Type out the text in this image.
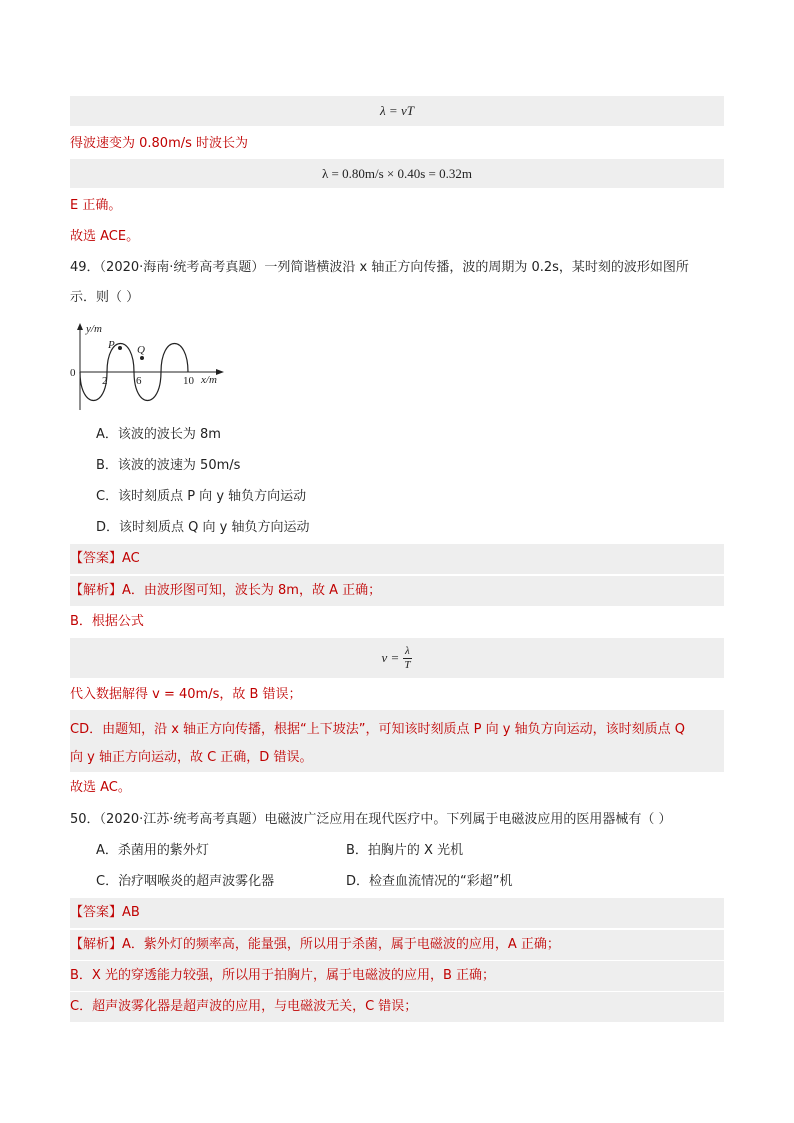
λ = vT
得波速变为 0.80m/s 时波长为
λ = 0.80m/s × 0.40s = 0.32m
E 正确。
故选 ACE。
49．（2020·海南·统考高考真题）一列简谐横波沿 x 轴正方向传播，波的周期为 0.2s，某时刻的波形如图所
示．则（ ）
y/m
0
2	6	10 x/m
P Q
A．该波的波长为 8m
B．该波的波速为 50m/s
C．该时刻质点 P 向 y 轴负方向运动
D．该时刻质点 Q 向 y 轴负方向运动
【答案】AC
【解析】A．由波形图可知，波长为 8m，故 A 正确；
B．根据公式
$v = \frac{\lambda}{T}$
代入数据解得 v = 40m/s，故 B 错误；
CD．由题知，沿 x 轴正方向传播，根据“上下坡法”，可知该时刻质点 P 向 y 轴负方向运动，该时刻质点 Q
向 y 轴正方向运动，故 C 正确，D 错误。
故选 AC。
50．（2020·江苏·统考高考真题）电磁波广泛应用在现代医疗中。下列属于电磁波应用的医用器械有（ ）
A．杀菌用的紫外灯	B．拍胸片的 X 光机
C．治疗咽喉炎的超声波雾化器	D．检查血流情况的“彩超”机
【答案】AB
【解析】A．紫外灯的频率高，能量强，所以用于杀菌，属于电磁波的应用，A 正确；
B．X 光的穿透能力较强，所以用于拍胸片，属于电磁波的应用，B 正确；
C．超声波雾化器是超声波的应用，与电磁波无关，C 错误；
